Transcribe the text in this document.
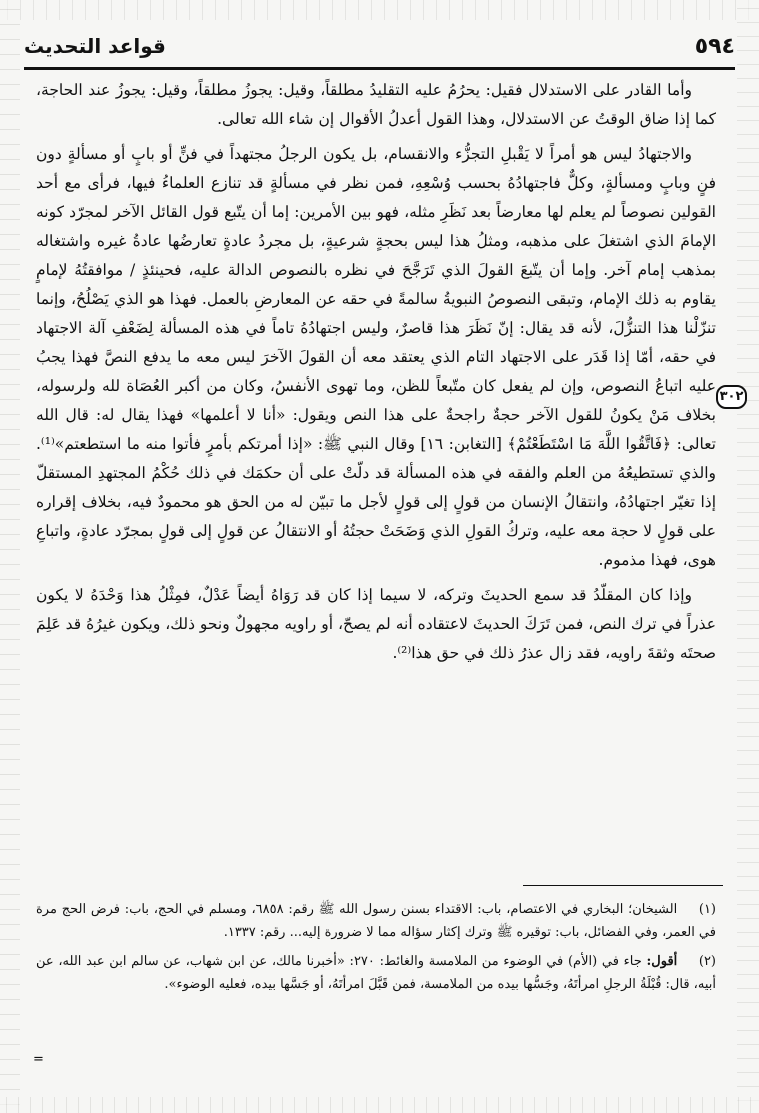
٥٩٤
قواعد التحديث
٣٠٢

وأما القادر على الاستدلال فقيل: يحرُمُ عليه التقليدُ مطلقاً، وقيل: يجوزُ مطلقاً، وقيل: يجوزُ عند الحاجة، كما إذا ضاق الوقتُ عن الاستدلال، وهذا القول أعدلُ الأقوال إن شاء الله تعالى.

والاجتهادُ ليس هو أمراً لا يَقْبلِ التجزُّء والانقسام، بل يكون الرجلُ مجتهداً في فنٍّ أو بابٍ أو مسألةٍ دون فنٍ وبابٍ ومسألةٍ، وكلٌّ فاجتهادُهُ بحسب وُسْعِهِ، فمن نظر في مسألةٍ قد تنازع العلماءُ فيها، فرأى مع أحد القولين نصوصاً لم يعلم لها معارضاً بعد نَظَرِ مثله، فهو بين الأمرين: إما أن يتّبع قول القائل الآخر لمجرّد كونه الإمامَ الذي اشتغلَ على مذهبه، ومثلُ هذا ليس بحجةٍ شرعيةٍ، بل مجردُ عادةٍ تعارضُها عادةُ غيره واشتغاله بمذهب إمام آخر. وإما أن يتّبعَ القولَ الذي تَرَجَّحَ في نظره بالنصوص الدالة عليه، فحينئذٍ / موافقتُهُ لإمامٍ يقاوم به ذلك الإمام، وتبقى النصوصُ النبويةُ سالمةً في حقه عن المعارضِ بالعمل. فهذا هو الذي يَصْلُحُ، وإنما تنزّلْنا هذا التنزُّلَ، لأنه قد يقال: إنّ نَظَرَ هذا قاصرٌ، وليس اجتهادُهُ تاماً في هذه المسألة لِضَعْفِ آلة الاجتهاد في حقه، أمّا إذا قَدَر على الاجتهاد التام الذي يعتقد معه أن القولَ الآخرَ ليس معه ما يدفع النصَّ فهذا يجبُ عليه اتباعُ النصوص، وإن لم يفعل كان متّبعاً للظن، وما تهوى الأنفسُ، وكان من أكبر العُصَاة لله ولرسوله، بخلاف مَنْ يكونُ للقول الآخر حجةٌ راجحةٌ على هذا النص ويقول: «أنا لا أعلمها» فهذا يقال له: قال الله تعالى: ﴿فَاتَّقُوا اللَّهَ مَا اسْتَطَعْتُمْ﴾ [التغابن: ١٦] وقال النبي ﷺ: «إذا أمرتكم بأمرٍ فأتوا منه ما استطعتم»⁽¹⁾. والذي تستطيعُهُ من العلم والفقه في هذه المسألة قد دلّتْ على أن حكمَك في ذلك حُكْمُ المجتهدِ المستقلّ إذا تغيّر اجتهادُهُ، وانتقالُ الإنسان من قولٍ إلى قولٍ لأجل ما تبيّن له من الحق هو محمودٌ فيه، بخلاف إقراره على قولٍ لا حجة معه عليه، وتركُ القولِ الذي وَضَحَتْ حجتُهُ أو الانتقالُ عن قولٍ إلى قولٍ بمجرّد عادةٍ، واتباعِ هوى، فهذا مذموم.

وإذا كان المقلّدُ قد سمع الحديثَ وتركه، لا سيما إذا كان قد رَوَاهُ أيضاً عَدْلٌ، فمِثْلُ هذا وَحْدَهُ لا يكون عذراً في ترك النص، فمن تَرَكَ الحديثَ لاعتقاده أنه لم يصحّ، أو راويه مجهولٌ ونحو ذلك، ويكون غيرُهُ قد عَلِمَ صحتَه وثقةَ راويه، فقد زال عذرُ ذلك في حق هذا⁽²⁾.

(١) الشيخان؛ البخاري في الاعتصام، باب: الاقتداء بسنن رسول الله ﷺ رقم: ٦٨٥٨، ومسلم في الحج، باب: فرض الحج مرة في العمر، وفي الفضائل، باب: توقيره ﷺ وترك إكثار سؤاله مما لا ضرورة إليه... رقم: ١٣٣٧.

(٢) أقول: جاء في (الأم) في الوضوء من الملامسة والغائط: ٢٧٠: «أخبرنا مالك، عن ابن شهاب، عن سالم ابن عبد الله، عن أبيه، قال: قُبْلَةُ الرجلِ امرأتَهُ، وجَسُّها بيده من الملامسة، فمن قَبَّلَ امرأتَهُ، أو جَسَّها بيده، فعليه الوضوء».

=
